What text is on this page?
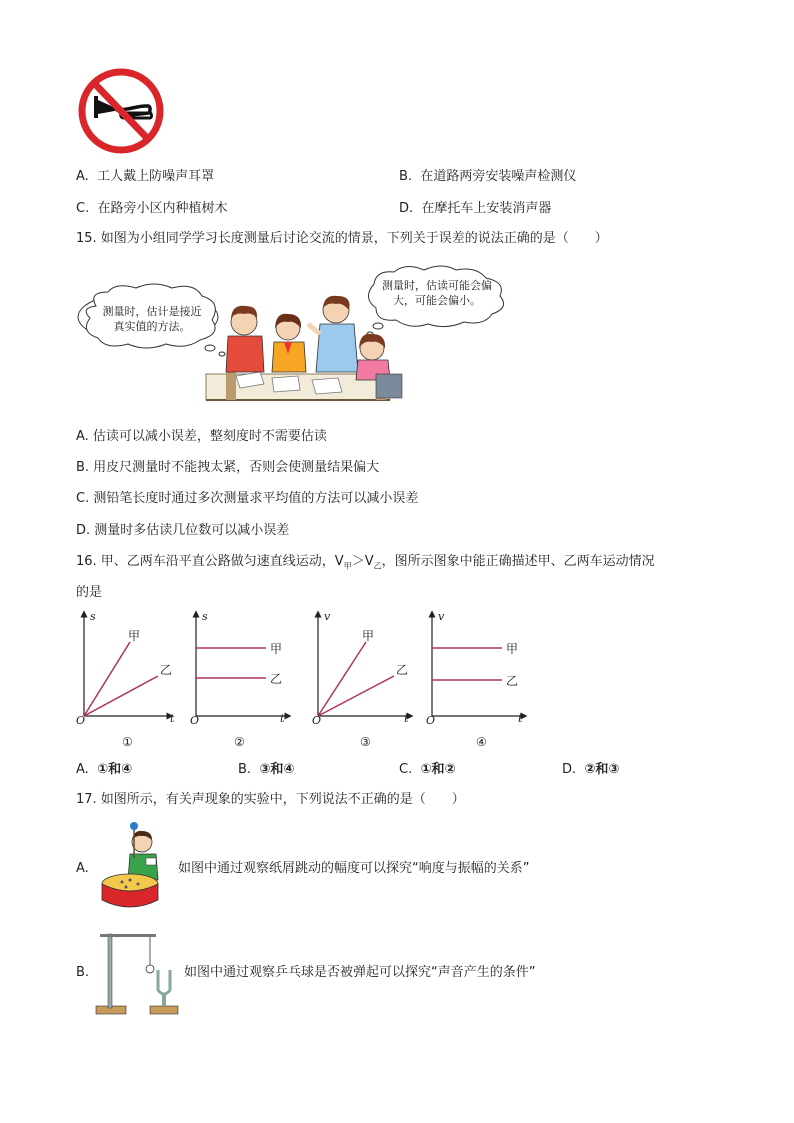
A. 工人戴上防噪声耳罩	B. 在道路两旁安装噪声检测仪
C. 在路旁小区内种植树木	D. 在摩托车上安装消声器
15. 如图为小组同学学习长度测量后讨论交流的情景，下列关于误差的说法正确的是（　　）
测量时，估计是接近
真实值的方法。
测量时，估读可能会偏
大，可能会偏小。
A. 估读可以减小误差，整刻度时不需要估读
B. 用皮尺测量时不能拽太紧，否则会使测量结果偏大
C. 测铅笔长度时通过多次测量求平均值的方法可以减小误差
D. 测量时多估读几位数可以减小误差
16. 甲、乙两车沿平直公路做匀速直线运动，$V_甲>V_乙$，图所示图象中能正确描述甲、乙两车运动情况
的是
s
t
O
甲
乙
①
s
t
O
甲
乙
②
v
t
O
甲
乙
③
v
t
O
甲
乙
④
A. ①和④	B. ③和④	C. ①和②	D. ②和③
17. 如图所示，有关声现象的实验中，下列说法不正确的是（　　）
A.	如图中通过观察纸屑跳动的幅度可以探究“响度与振幅的关系”
B.	如图中通过观察乒乓球是否被弹起可以探究“声音产生的条件”
